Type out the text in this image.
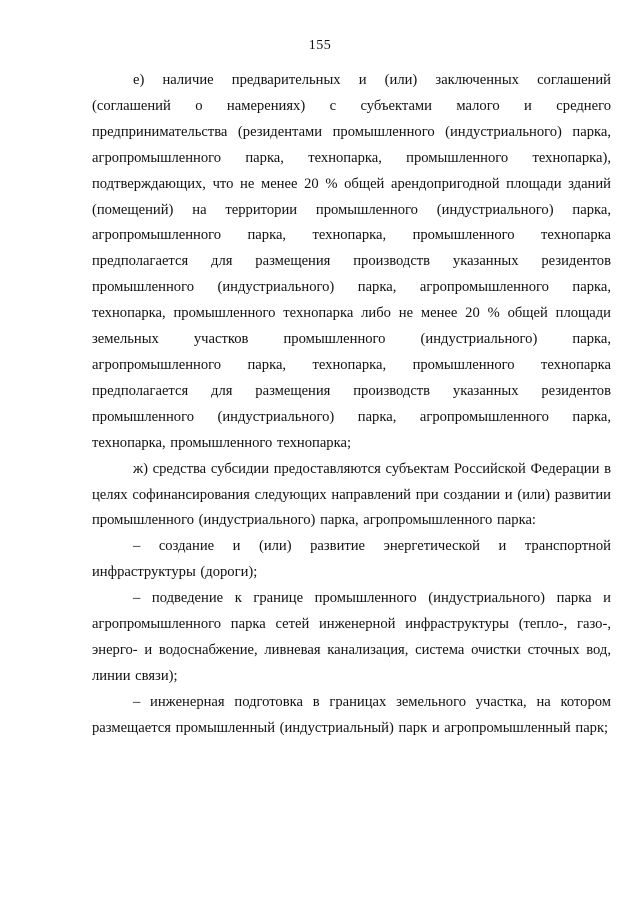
155

е) наличие предварительных и (или) заключенных соглашений (соглашений о намерениях) с субъектами малого и среднего предпринимательства (резидентами промышленного (индустриального) парка, агропромышленного парка, технопарка, промышленного технопарка), подтверждающих, что не менее 20 % общей арендопригодной площади зданий (помещений) на территории промышленного (индустриального) парка, агропромышленного парка, технопарка, промышленного технопарка предполагается для размещения производств указанных резидентов промышленного (индустриального) парка, агропромышленного парка, технопарка, промышленного технопарка либо не менее 20 % общей площади земельных участков промышленного (индустриального) парка, агропромышленного парка, технопарка, промышленного технопарка предполагается для размещения производств указанных резидентов промышленного (индустриального) парка, агропромышленного парка, технопарка, промышленного технопарка;

ж) средства субсидии предоставляются субъектам Российской Федерации в целях софинансирования следующих направлений при создании и (или) развитии промышленного (индустриального) парка, агропромышленного парка:

– создание и (или) развитие энергетической и транспортной инфраструктуры (дороги);

– подведение к границе промышленного (индустриального) парка и агропромышленного парка сетей инженерной инфраструктуры (тепло-, газо-, энерго- и водоснабжение, ливневая канализация, система очистки сточных вод, линии связи);

– инженерная подготовка в границах земельного участка, на котором размещается промышленный (индустриальный) парк и агропромышленный парк;
